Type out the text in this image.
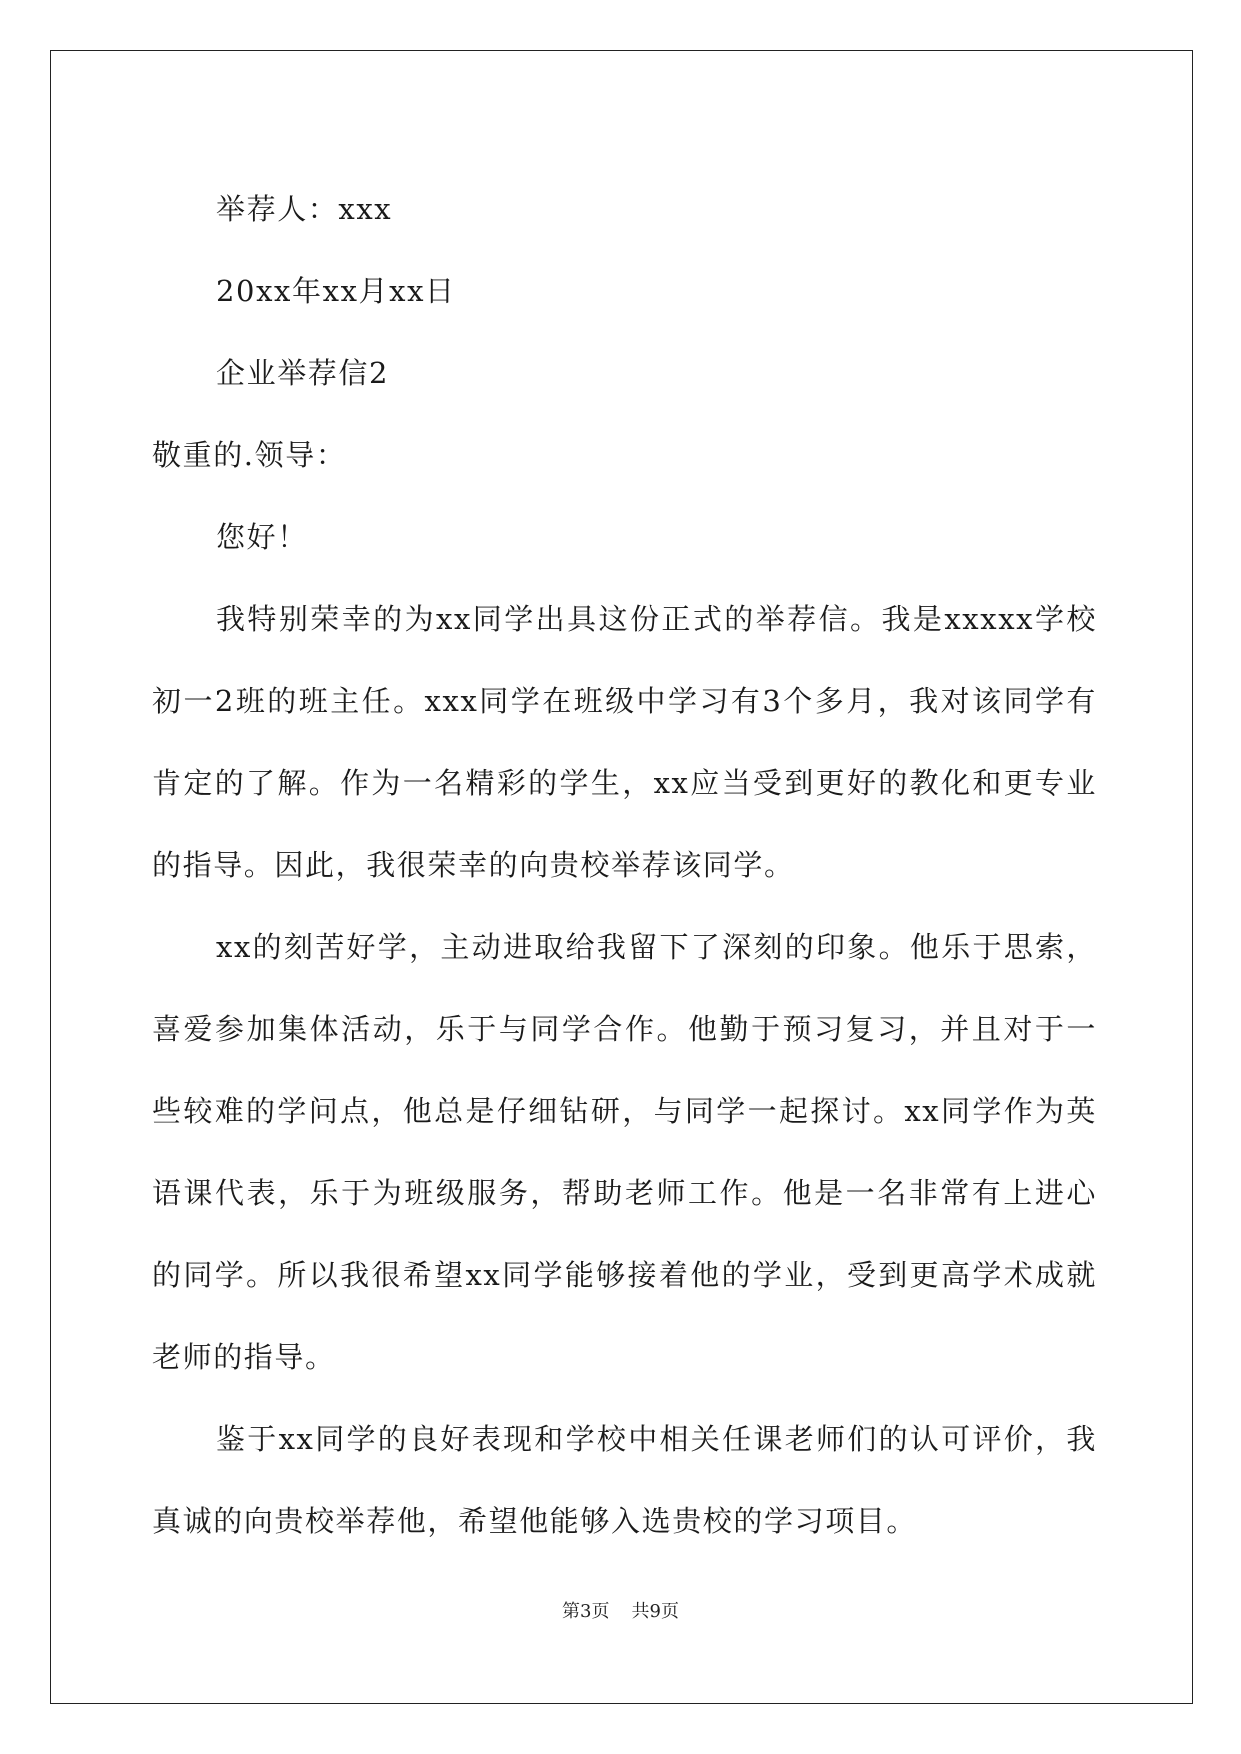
举荐人：xxx

20xx年xx月xx日

企业举荐信2

敬重的.领导：

您好！

我特别荣幸的为xx同学出具这份正式的举荐信。我是xxxxx学校初一2班的班主任。xxx同学在班级中学习有3个多月，我对该同学有肯定的了解。作为一名精彩的学生，xx应当受到更好的教化和更专业的指导。因此，我很荣幸的向贵校举荐该同学。

xx的刻苦好学，主动进取给我留下了深刻的印象。他乐于思索，喜爱参加集体活动，乐于与同学合作。他勤于预习复习，并且对于一些较难的学问点，他总是仔细钻研，与同学一起探讨。xx同学作为英语课代表，乐于为班级服务，帮助老师工作。他是一名非常有上进心的同学。所以我很希望xx同学能够接着他的学业，受到更高学术成就老师的指导。

鉴于xx同学的良好表现和学校中相关任课老师们的认可评价，我真诚的向贵校举荐他，希望他能够入选贵校的学习项目。

第3页 共9页
